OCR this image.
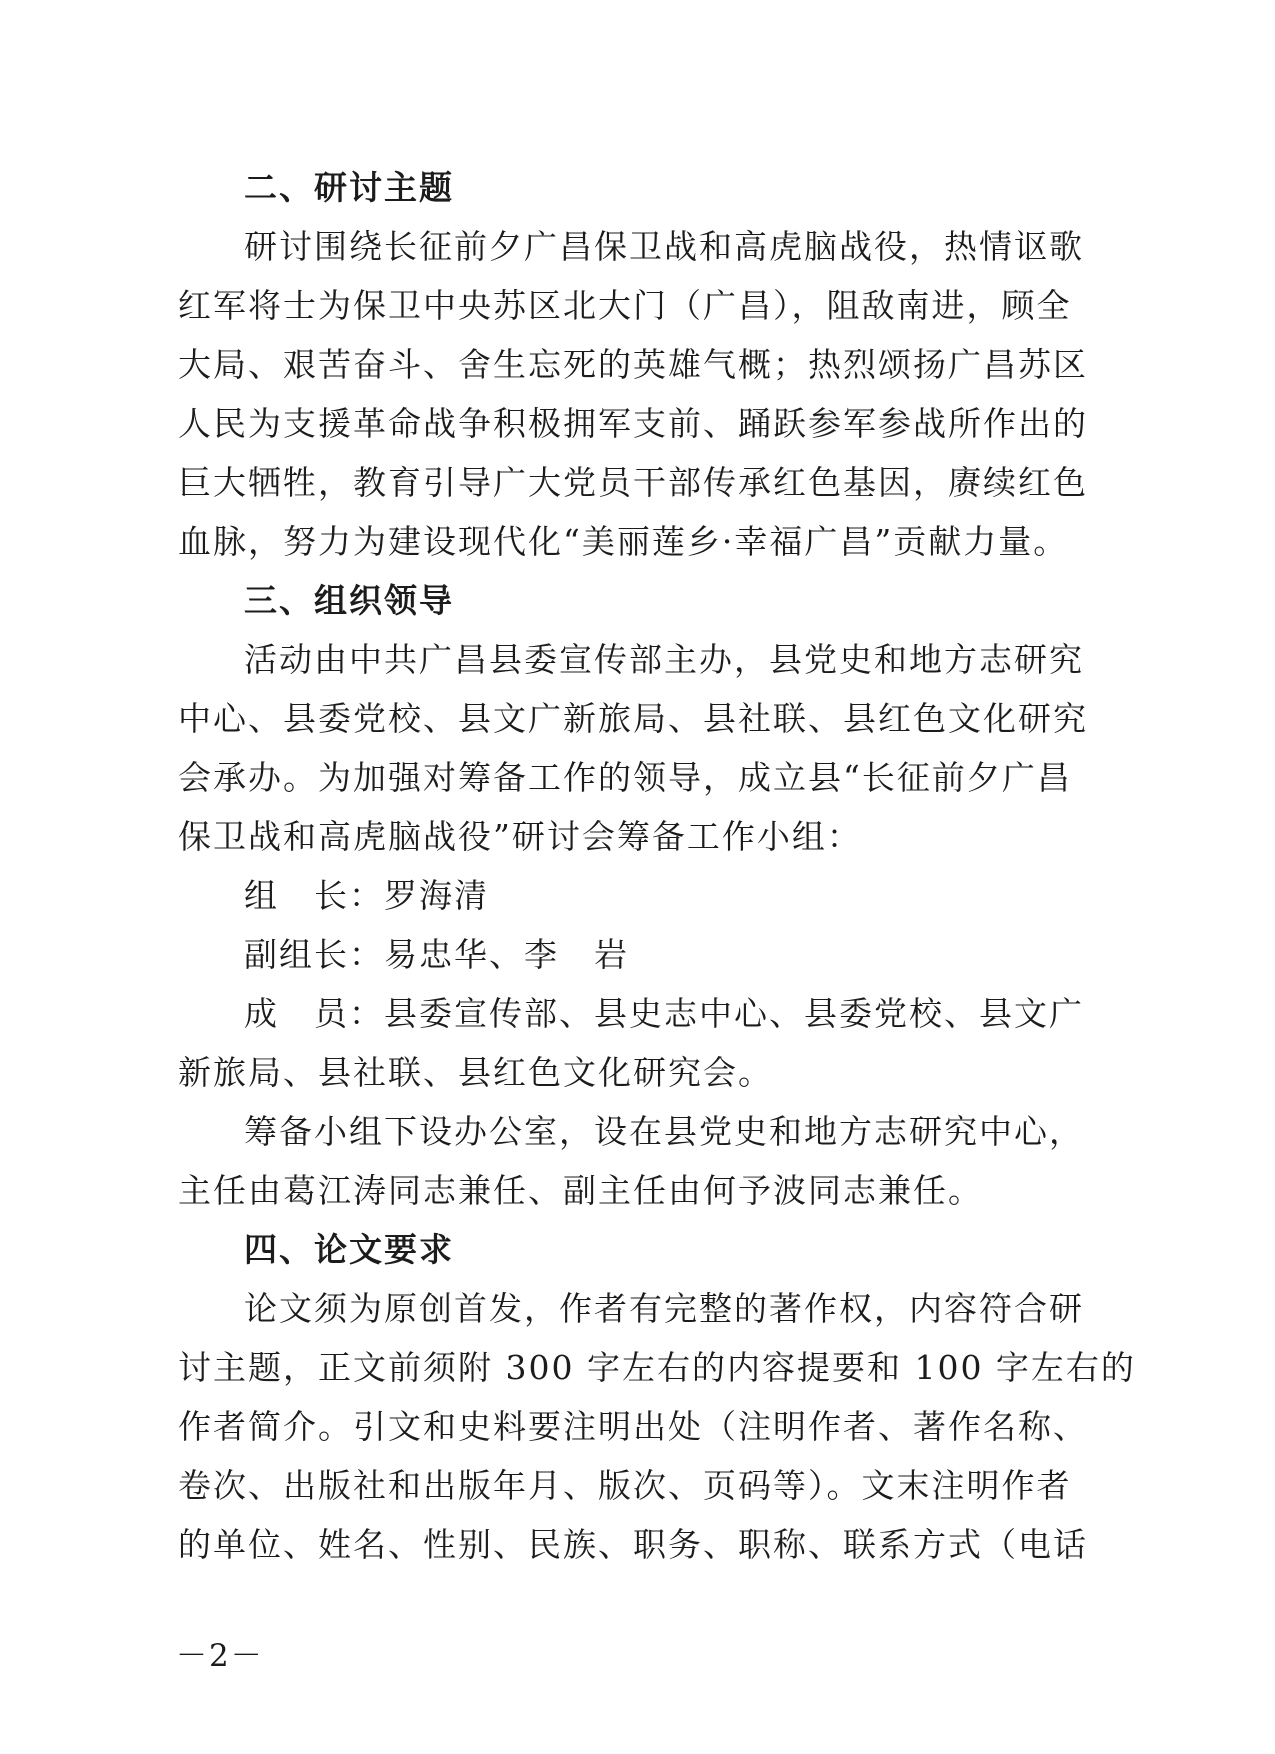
二、研讨主题
研讨围绕长征前夕广昌保卫战和高虎脑战役，热情讴歌
红军将士为保卫中央苏区北大门（广昌），阻敌南进，顾全
大局、艰苦奋斗、舍生忘死的英雄气概；热烈颂扬广昌苏区
人民为支援革命战争积极拥军支前、踊跃参军参战所作出的
巨大牺牲，教育引导广大党员干部传承红色基因，赓续红色
血脉，努力为建设现代化“美丽莲乡·幸福广昌”贡献力量。
三、组织领导
活动由中共广昌县委宣传部主办，县党史和地方志研究
中心、县委党校、县文广新旅局、县社联、县红色文化研究
会承办。为加强对筹备工作的领导，成立县“长征前夕广昌
保卫战和高虎脑战役”研讨会筹备工作小组：
组　长：罗海清
副组长：易忠华、李　岩
成　员：县委宣传部、县史志中心、县委党校、县文广
新旅局、县社联、县红色文化研究会。
筹备小组下设办公室，设在县党史和地方志研究中心，
主任由葛江涛同志兼任、副主任由何予波同志兼任。
四、论文要求
论文须为原创首发，作者有完整的著作权，内容符合研
讨主题，正文前须附 300 字左右的内容提要和 100 字左右的
作者简介。引文和史料要注明出处（注明作者、著作名称、
卷次、出版社和出版年月、版次、页码等）。文末注明作者
的单位、姓名、性别、民族、职务、职称、联系方式（电话
－2－
